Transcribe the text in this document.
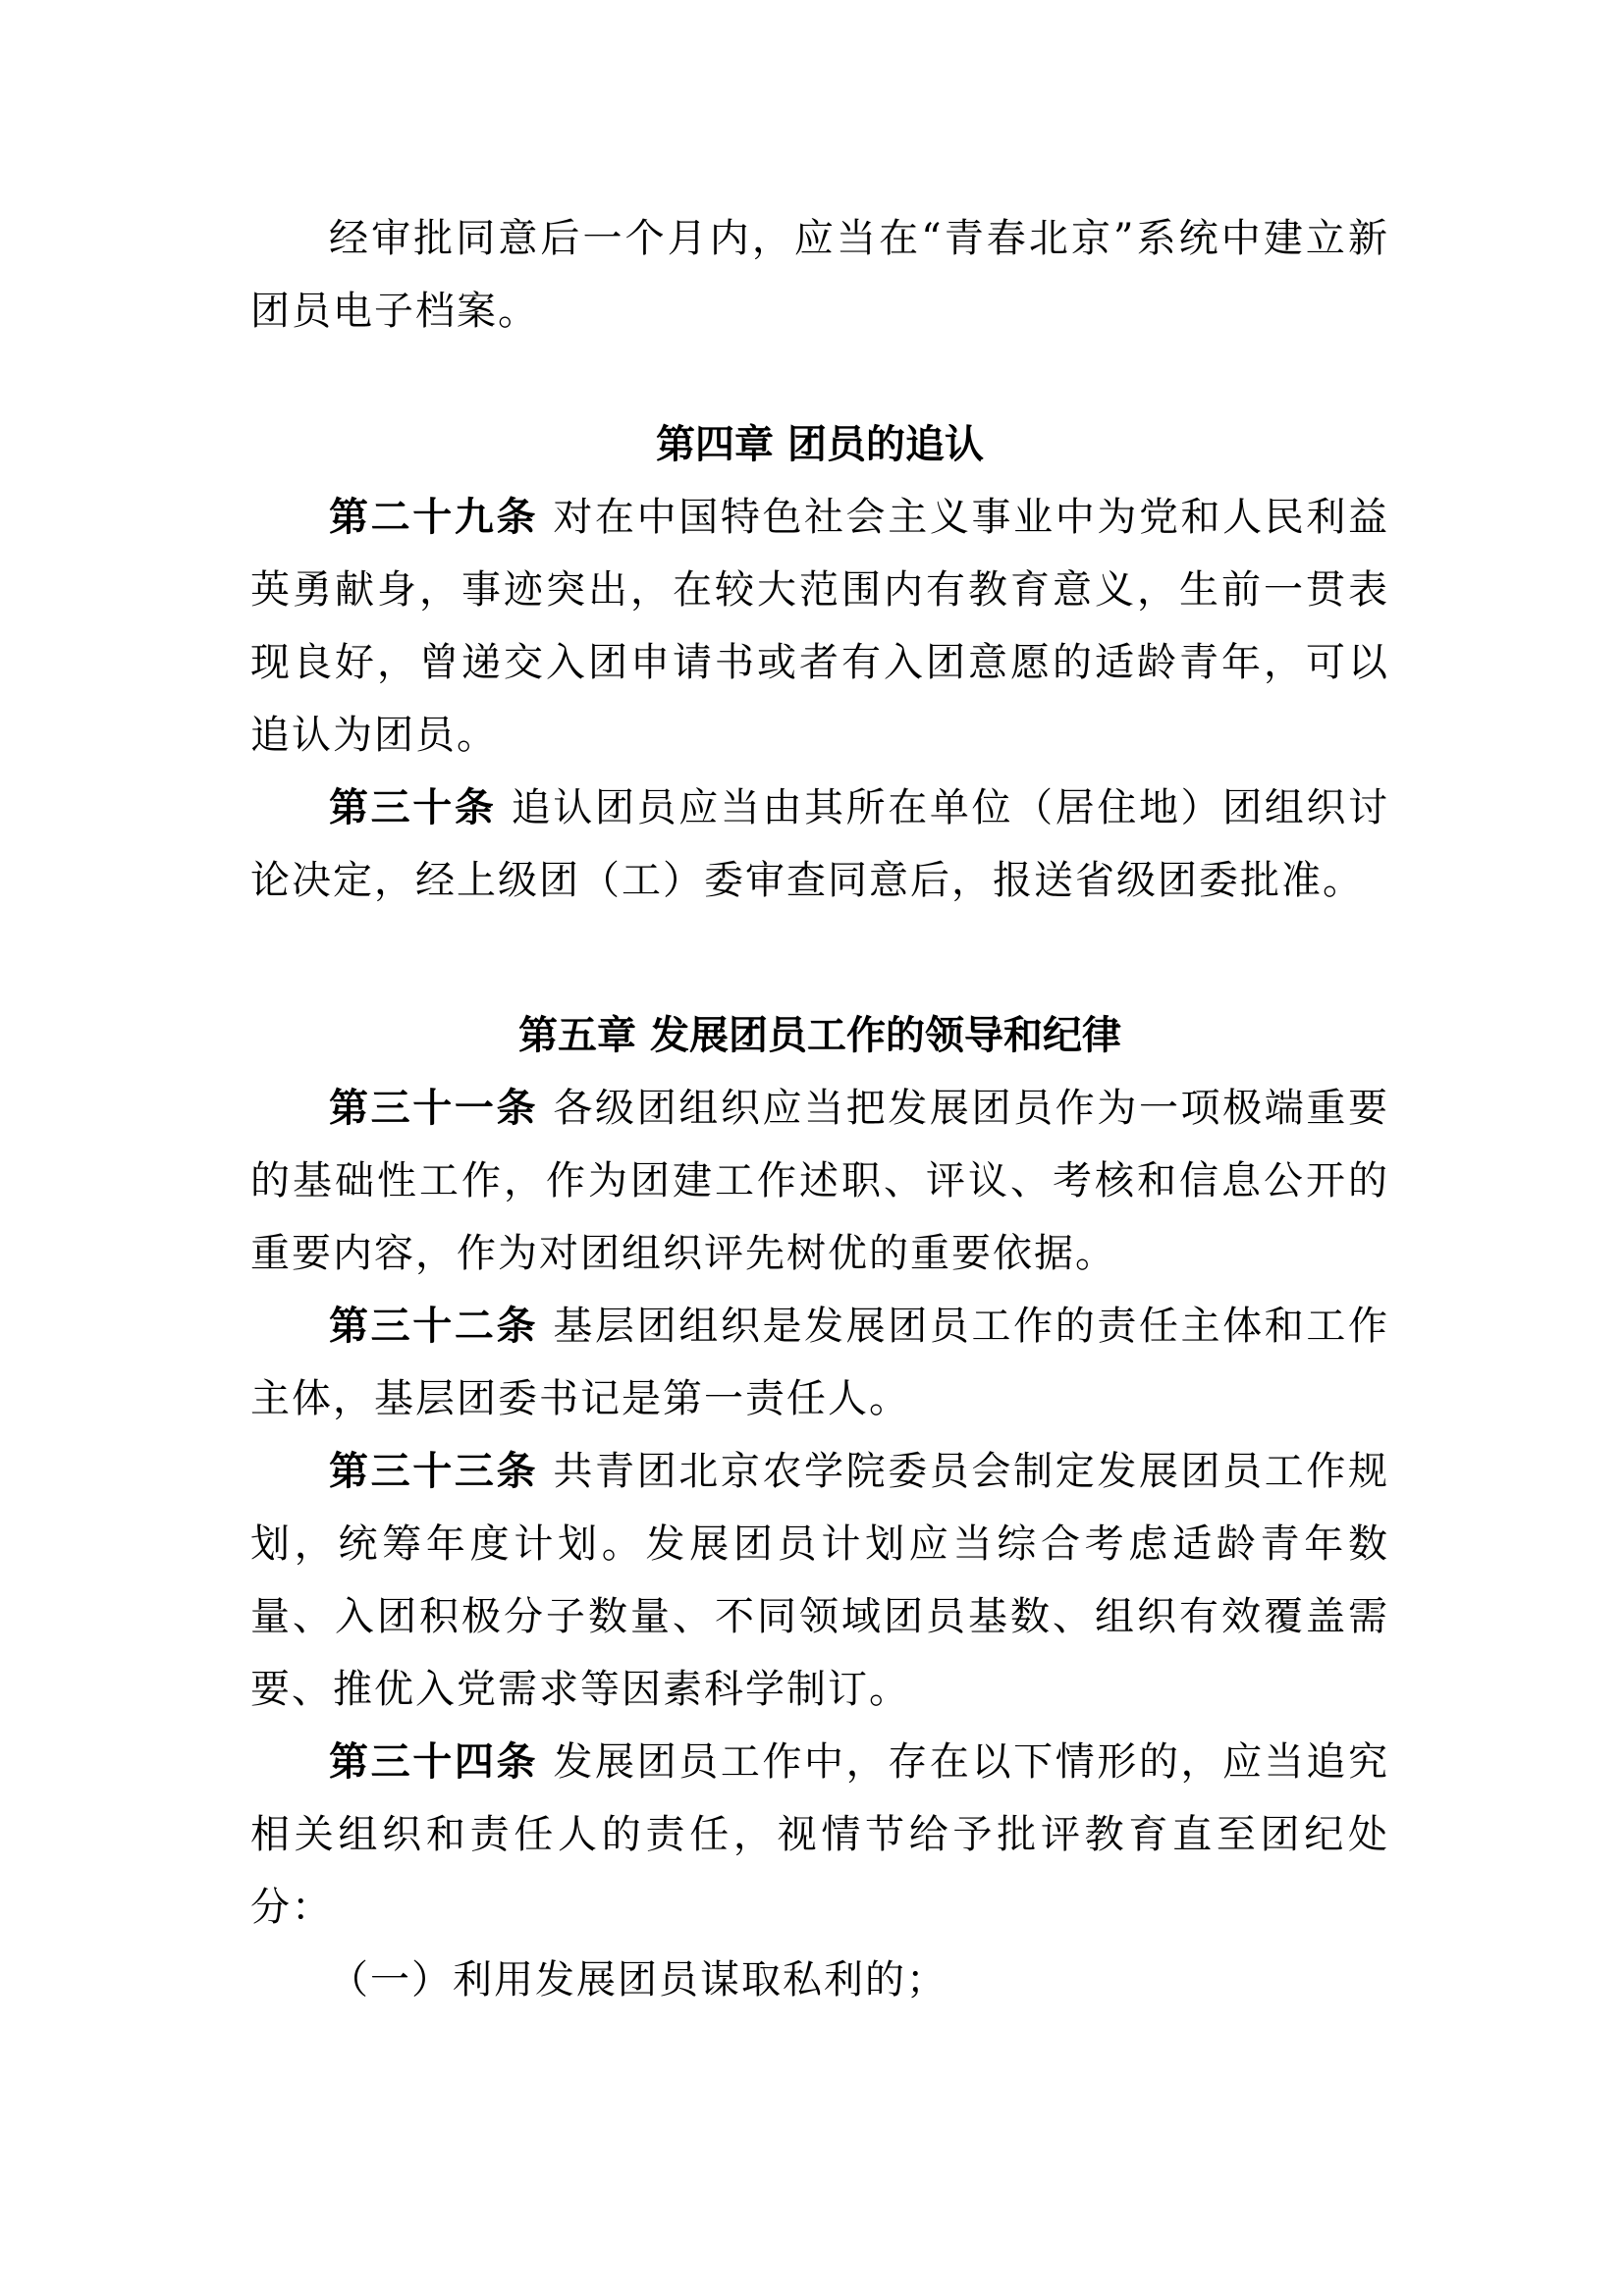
经审批同意后一个月内，应当在“青春北京”系统中建立新团员电子档案。

第四章 团员的追认

第二十九条 对在中国特色社会主义事业中为党和人民利益英勇献身，事迹突出，在较大范围内有教育意义，生前一贯表现良好，曾递交入团申请书或者有入团意愿的适龄青年，可以追认为团员。

第三十条 追认团员应当由其所在单位（居住地）团组织讨论决定，经上级团（工）委审查同意后，报送省级团委批准。

第五章 发展团员工作的领导和纪律

第三十一条 各级团组织应当把发展团员作为一项极端重要的基础性工作，作为团建工作述职、评议、考核和信息公开的重要内容，作为对团组织评先树优的重要依据。

第三十二条 基层团组织是发展团员工作的责任主体和工作主体，基层团委书记是第一责任人。

第三十三条 共青团北京农学院委员会制定发展团员工作规划，统筹年度计划。发展团员计划应当综合考虑适龄青年数量、入团积极分子数量、不同领域团员基数、组织有效覆盖需要、推优入党需求等因素科学制订。

第三十四条 发展团员工作中，存在以下情形的，应当追究相关组织和责任人的责任，视情节给予批评教育直至团纪处分：

（一）利用发展团员谋取私利的；
